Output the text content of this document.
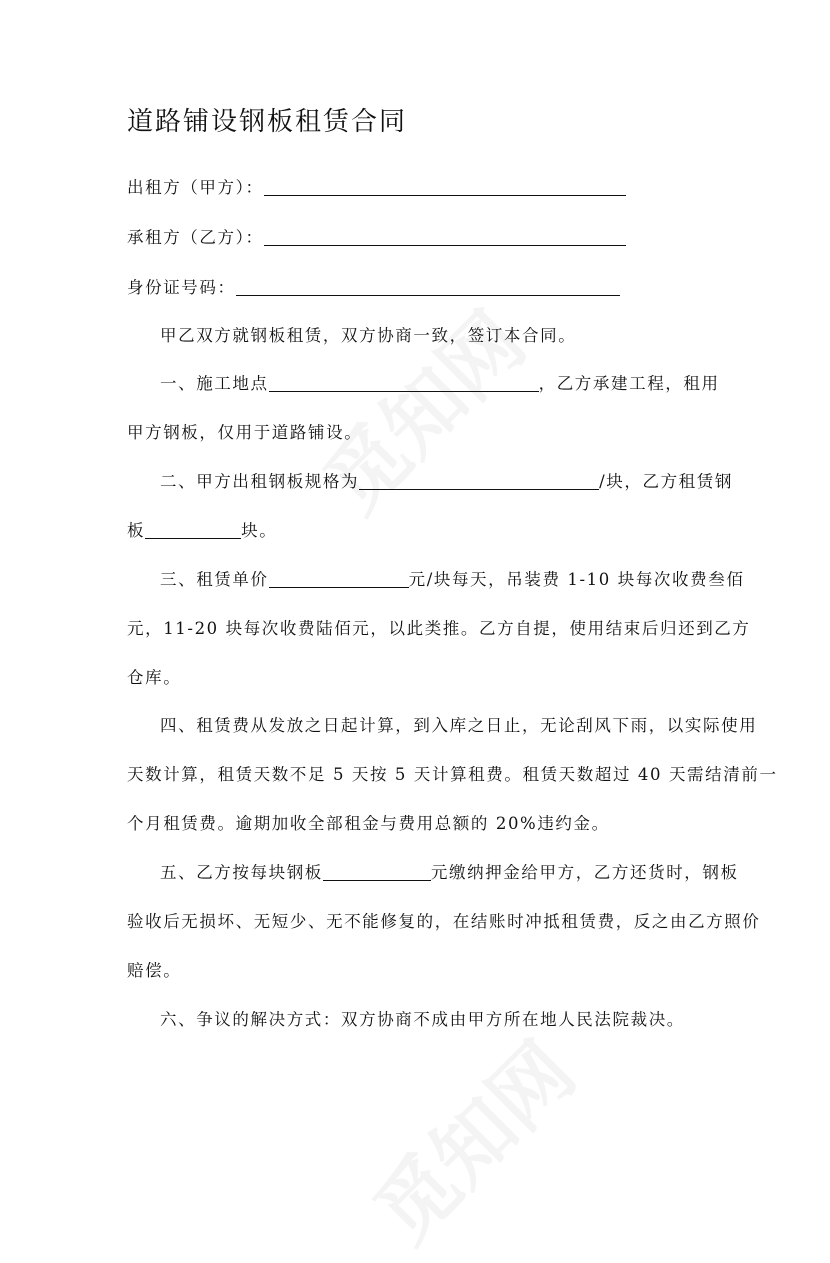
道路铺设钢板租赁合同
出租方（甲方）：
承租方（乙方）：
身份证号码：
甲乙双方就钢板租赁，双方协商一致，签订本合同。
一、施工地点	，乙方承建工程，租用
甲方钢板，仅用于道路铺设。
二、甲方出租钢板规格为	/块，乙方租赁钢
板	块。
三、租赁单价	元/块每天，吊装费 1-10 块每次收费叁佰
元，11-20 块每次收费陆佰元，以此类推。乙方自提，使用结束后归还到乙方
仓库。
四、租赁费从发放之日起计算，到入库之日止，无论刮风下雨，以实际使用
天数计算，租赁天数不足 5 天按 5 天计算租费。租赁天数超过 40 天需结清前一
个月租赁费。逾期加收全部租金与费用总额的 20%违约金。
五、乙方按每块钢板	元缴纳押金给甲方，乙方还货时，钢板
验收后无损坏、无短少、无不能修复的，在结账时冲抵租赁费，反之由乙方照价
赔偿。
六、争议的解决方式：双方协商不成由甲方所在地人民法院裁决。
